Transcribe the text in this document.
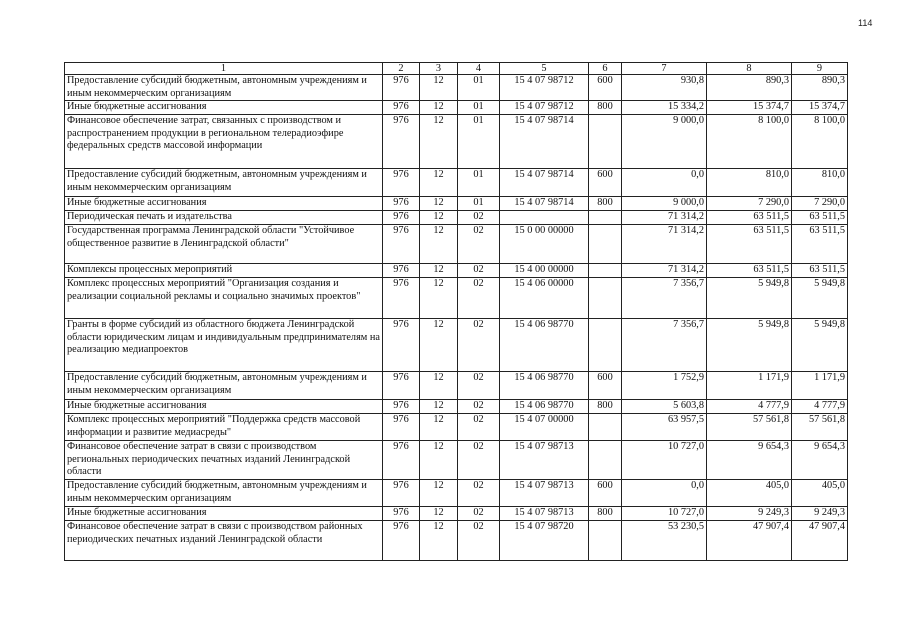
114
1	2	3	4	5	6	7	8	9
Предоставление субсидий бюджетным, автономным учреждениям и иным некоммерческим организациям	976	12	01	15 4 07 98712	600	930,8	890,3	890,3
Иные бюджетные ассигнования	976	12	01	15 4 07 98712	800	15 334,2	15 374,7	15 374,7
Финансовое обеспечение затрат, связанных с производством и распространением продукции в региональном телерадиоэфире федеральных средств массовой информации	976	12	01	15 4 07 98714		9 000,0	8 100,0	8 100,0
Предоставление субсидий бюджетным, автономным учреждениям и иным некоммерческим организациям	976	12	01	15 4 07 98714	600	0,0	810,0	810,0
Иные бюджетные ассигнования	976	12	01	15 4 07 98714	800	9 000,0	7 290,0	7 290,0
Периодическая печать и издательства	976	12	02			71 314,2	63 511,5	63 511,5
Государственная программа Ленинградской области "Устойчивое общественное развитие в Ленинградской области"	976	12	02	15 0 00 00000		71 314,2	63 511,5	63 511,5
Комплексы процессных мероприятий	976	12	02	15 4 00 00000		71 314,2	63 511,5	63 511,5
Комплекс процессных мероприятий "Организация создания и реализации социальной рекламы и социально значимых проектов"	976	12	02	15 4 06 00000		7 356,7	5 949,8	5 949,8
Гранты в форме субсидий из областного бюджета Ленинградской области юридическим лицам и индивидуальным предпринимателям на реализацию медиапроектов	976	12	02	15 4 06 98770		7 356,7	5 949,8	5 949,8
Предоставление субсидий бюджетным, автономным учреждениям и иным некоммерческим организациям	976	12	02	15 4 06 98770	600	1 752,9	1 171,9	1 171,9
Иные бюджетные ассигнования	976	12	02	15 4 06 98770	800	5 603,8	4 777,9	4 777,9
Комплекс процессных мероприятий "Поддержка средств массовой информации и развитие медиасреды"	976	12	02	15 4 07 00000		63 957,5	57 561,8	57 561,8
Финансовое обеспечение затрат в связи с производством региональных периодических печатных изданий Ленинградской области	976	12	02	15 4 07 98713		10 727,0	9 654,3	9 654,3
Предоставление субсидий бюджетным, автономным учреждениям и иным некоммерческим организациям	976	12	02	15 4 07 98713	600	0,0	405,0	405,0
Иные бюджетные ассигнования	976	12	02	15 4 07 98713	800	10 727,0	9 249,3	9 249,3
Финансовое обеспечение затрат в связи с производством районных периодических печатных изданий Ленинградской области	976	12	02	15 4 07 98720		53 230,5	47 907,4	47 907,4
